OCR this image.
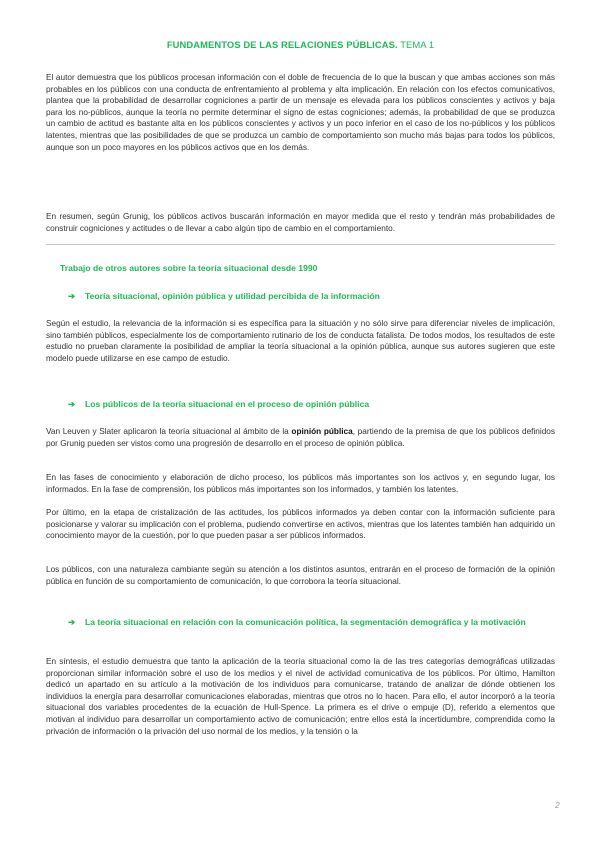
FUNDAMENTOS DE LAS RELACIONES PÚBLICAS. TEMA 1

El autor demuestra que los públicos procesan información con el doble de frecuencia de lo que la buscan y que ambas acciones son más probables en los públicos con una conducta de enfrentamiento al problema y alta implicación. En relación con los efectos comunicativos, plantea que la probabilidad de desarrollar cogniciones a partir de un mensaje es elevada para los públicos conscientes y activos y baja para los no-públicos, aunque la teoría no permite determinar el signo de estas cogniciones; además, la probabilidad de que se produzca un cambio de actitud es bastante alta en los públicos conscientes y activos y un poco inferior en el caso de los no-públicos y los públicos latentes, mientras que las posibilidades de que se produzca un cambio de comportamiento son mucho más bajas para todos los públicos, aunque son un poco mayores en los públicos activos que en los demás.

En resumen, según Grunig, los públicos activos buscarán información en mayor medida que el resto y tendrán más probabilidades de construir cogniciones y actitudes o de llevar a cabo algún tipo de cambio en el comportamiento.

Trabajo de otros autores sobre la teoría situacional desde 1990
➔ Teoría situacional, opinión pública y utilidad percibida de la información

Según el estudio, la relevancia de la información si es específica para la situación y no sólo sirve para diferenciar niveles de implicación, sino también públicos, especialmente los de comportamiento rutinario de los de conducta fatalista. De todos modos, los resultados de este estudio no prueban claramente la posibilidad de ampliar la teoría situacional a la opinión pública, aunque sus autores sugieren que este modelo puede utilizarse en ese campo de estudio.

➔ Los públicos de la teoría situacional en el proceso de opinión pública

Van Leuven y Slater aplicaron la teoría situacional al ámbito de la opinión pública, partiendo de la premisa de que los públicos definidos por Grunig pueden ser vistos como una progresión de desarrollo en el proceso de opinión pública.

En las fases de conocimiento y elaboración de dicho proceso, los públicos más importantes son los activos y, en segundo lugar, los informados. En la fase de comprensión, los públicos más importantes son los informados, y también los latentes.

Por último, en la etapa de cristalización de las actitudes, los públicos informados ya deben contar con la información suficiente para posicionarse y valorar su implicación con el problema, pudiendo convertirse en activos, mientras que los latentes también han adquirido un conocimiento mayor de la cuestión, por lo que pueden pasar a ser públicos informados.

Los públicos, con una naturaleza cambiante según su atención a los distintos asuntos, entrarán en el proceso de formación de la opinión pública en función de su comportamiento de comunicación, lo que corrobora la teoría situacional.

➔ La teoría situacional en relación con la comunicación política, la segmentación demográfica y la motivación

En síntesis, el estudio demuestra que tanto la aplicación de la teoría situacional como la de las tres categorías demográficas utilizadas proporcionan similar información sobre el uso de los medios y el nivel de actividad comunicativa de los públicos. Por último, Hamilton dedicó un apartado en su artículo a la motivación de los individuos para comunicarse, tratando de analizar de dónde obtienen los individuos la energía para desarrollar comunicaciones elaboradas, mientras que otros no lo hacen. Para ello, el autor incorporó a la teoría situacional dos variables procedentes de la ecuación de Hull-Spence. La primera es el drive o empuje (D), referido a elementos que motivan al individuo para desarrollar un comportamiento activo de comunicación; entre ellos está la incertidumbre, comprendida como la privación de información o la privación del uso normal de los medios, y la tensión o la

2
